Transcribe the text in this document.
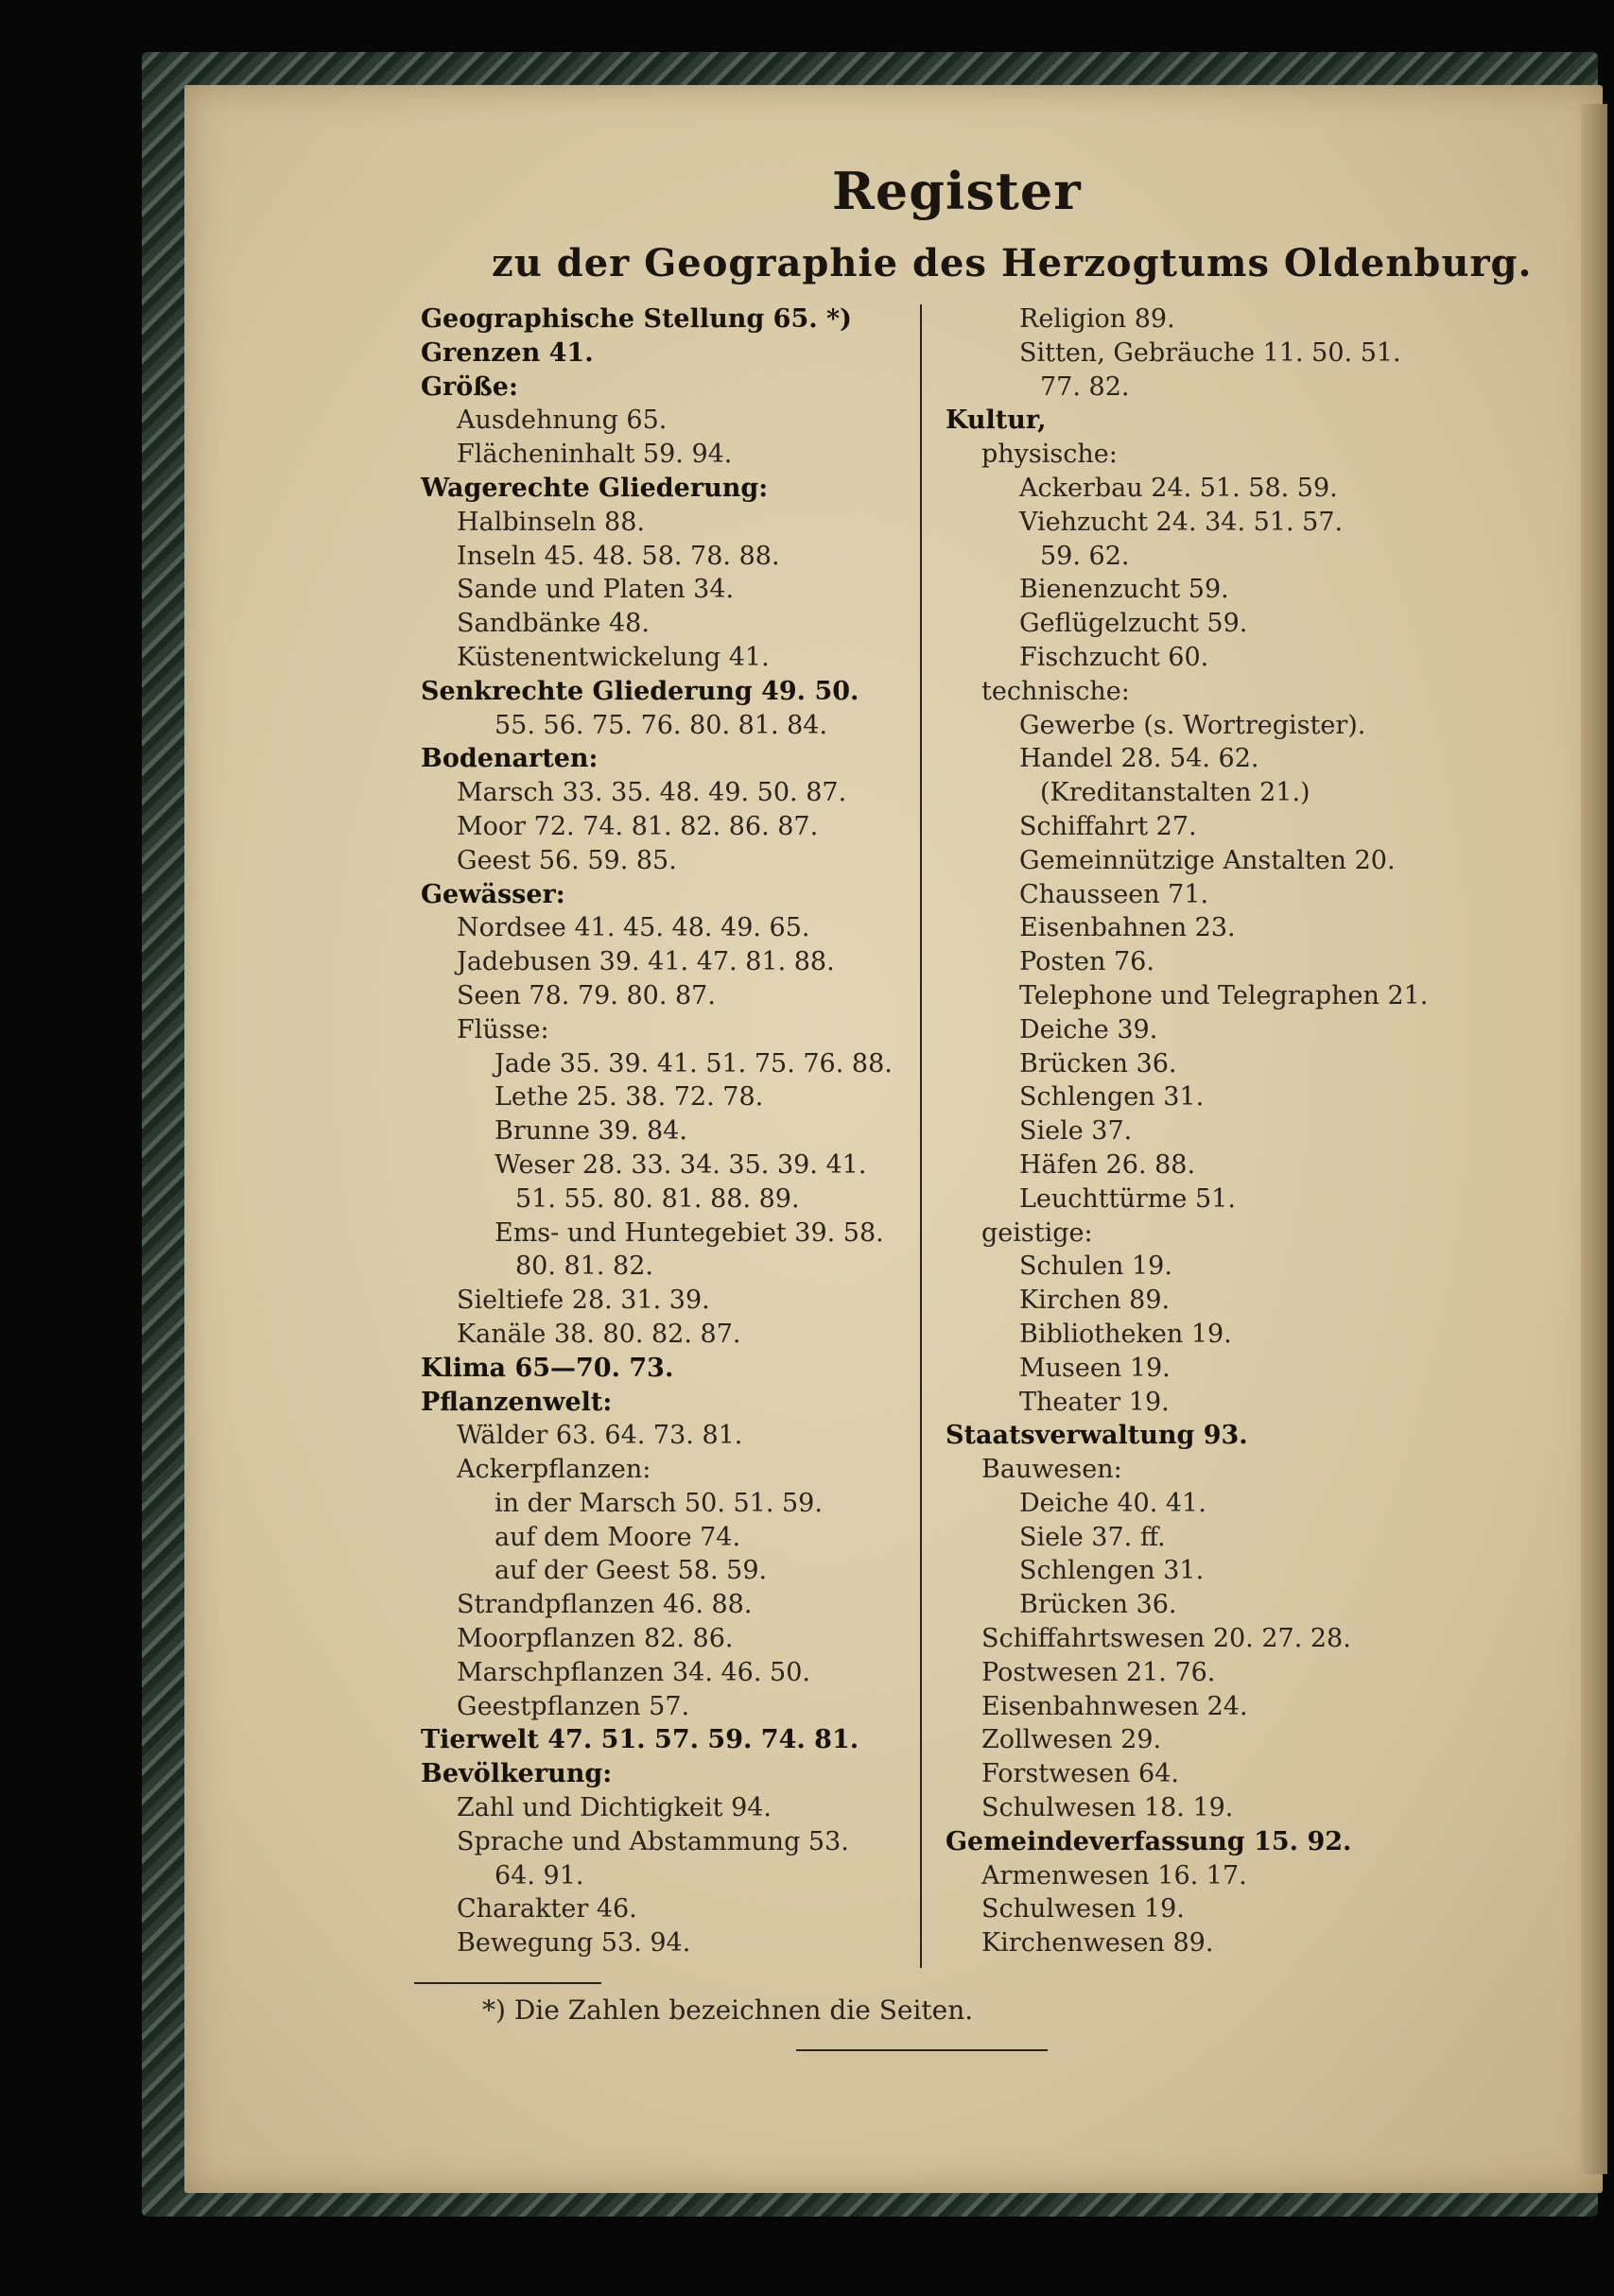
Register
zu der Geographie des Herzogtums Oldenburg.
Geographische Stellung 65. *)
Grenzen 41.
Größe:
Ausdehnung 65.
Flächeninhalt 59. 94.
Wagerechte Gliederung:
Halbinseln 88.
Inseln 45. 48. 58. 78. 88.
Sande und Platen 34.
Sandbänke 48.
Küstenentwickelung 41.
Senkrechte Gliederung 49. 50.
55. 56. 75. 76. 80. 81. 84.
Bodenarten:
Marsch 33. 35. 48. 49. 50. 87.
Moor 72. 74. 81. 82. 86. 87.
Geest 56. 59. 85.
Gewässer:
Nordsee 41. 45. 48. 49. 65.
Jadebusen 39. 41. 47. 81. 88.
Seen 78. 79. 80. 87.
Flüsse:
Jade 35. 39. 41. 51. 75. 76. 88.
Lethe 25. 38. 72. 78.
Brunne 39. 84.
Weser 28. 33. 34. 35. 39. 41.
51. 55. 80. 81. 88. 89.
Ems- und Huntegebiet 39. 58.
80. 81. 82.
Sieltiefe 28. 31. 39.
Kanäle 38. 80. 82. 87.
Klima 65—70. 73.
Pflanzenwelt:
Wälder 63. 64. 73. 81.
Ackerpflanzen:
in der Marsch 50. 51. 59.
auf dem Moore 74.
auf der Geest 58. 59.
Strandpflanzen 46. 88.
Moorpflanzen 82. 86.
Marschpflanzen 34. 46. 50.
Geestpflanzen 57.
Tierwelt 47. 51. 57. 59. 74. 81.
Bevölkerung:
Zahl und Dichtigkeit 94.
Sprache und Abstammung 53.
64. 91.
Charakter 46.
Bewegung 53. 94.
Religion 89.
Sitten, Gebräuche 11. 50. 51.
77. 82.
Kultur,
physische:
Ackerbau 24. 51. 58. 59.
Viehzucht 24. 34. 51. 57.
59. 62.
Bienenzucht 59.
Geflügelzucht 59.
Fischzucht 60.
technische:
Gewerbe (s. Wortregister).
Handel 28. 54. 62.
(Kreditanstalten 21.)
Schiffahrt 27.
Gemeinnützige Anstalten 20.
Chausseen 71.
Eisenbahnen 23.
Posten 76.
Telephone und Telegraphen 21.
Deiche 39.
Brücken 36.
Schlengen 31.
Siele 37.
Häfen 26. 88.
Leuchttürme 51.
geistige:
Schulen 19.
Kirchen 89.
Bibliotheken 19.
Museen 19.
Theater 19.
Staatsverwaltung 93.
Bauwesen:
Deiche 40. 41.
Siele 37. ff.
Schlengen 31.
Brücken 36.
Schiffahrtswesen 20. 27. 28.
Postwesen 21. 76.
Eisenbahnwesen 24.
Zollwesen 29.
Forstwesen 64.
Schulwesen 18. 19.
Gemeindeverfassung 15. 92.
Armenwesen 16. 17.
Schulwesen 19.
Kirchenwesen 89.
*) Die Zahlen bezeichnen die Seiten.
